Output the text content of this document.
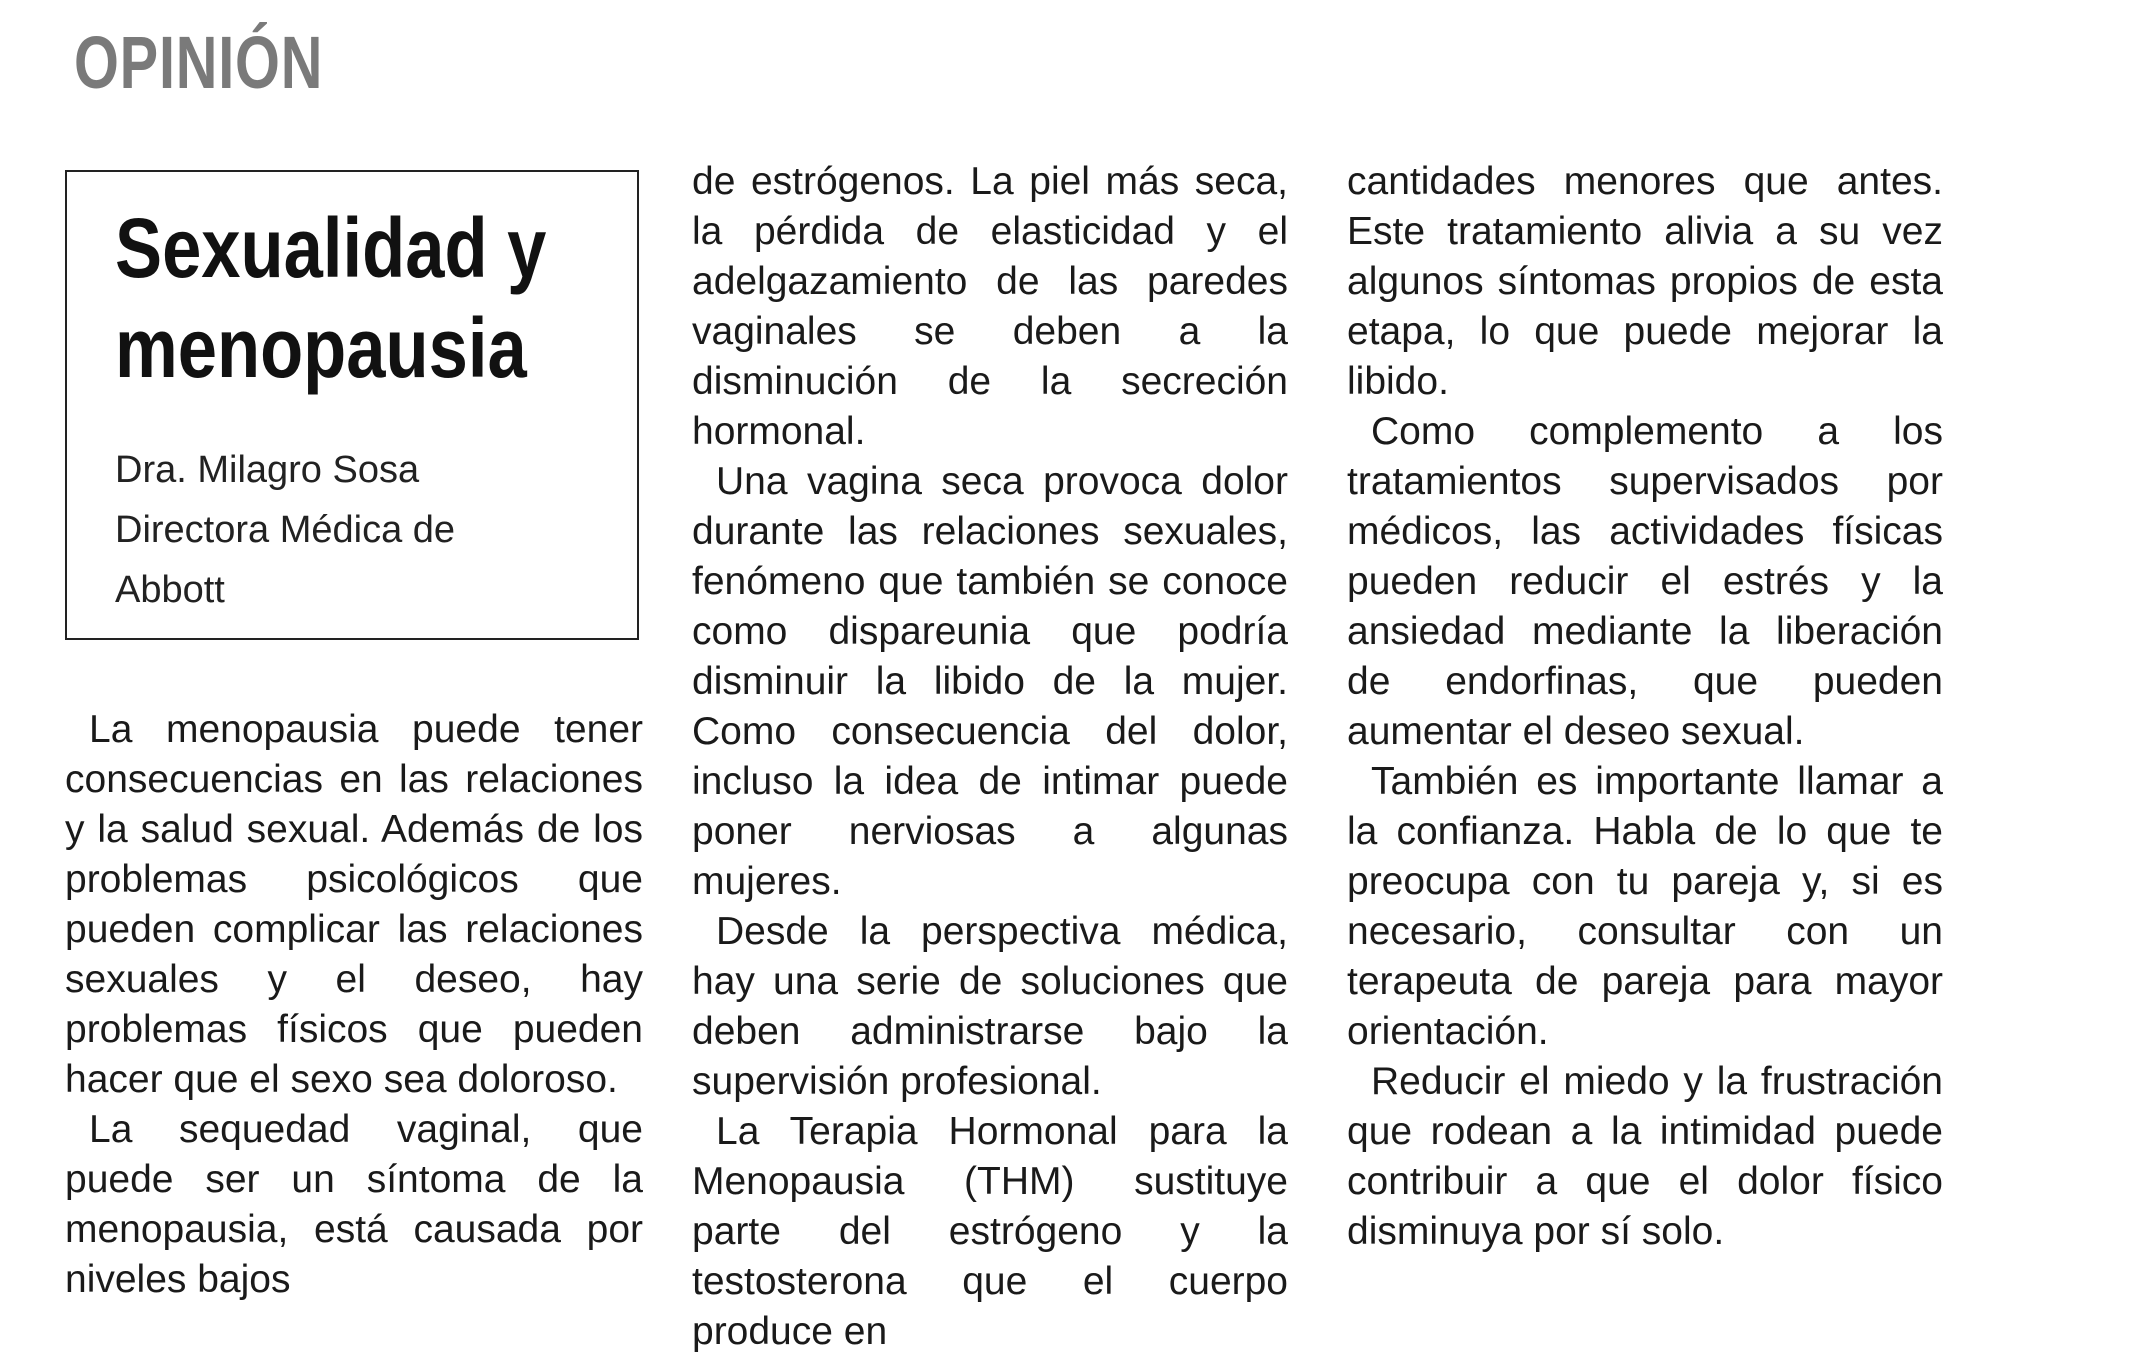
OPINIÓN
Sexualidad y menopausia
Dra. Milagro Sosa
Directora Médica de
Abbott

La menopausia puede tener consecuencias en las relaciones y la salud sexual. Además de los problemas psicológicos que pueden complicar las relaciones sexuales y el deseo, hay problemas físicos que pueden hacer que el sexo sea doloroso.

La sequedad vaginal, que puede ser un síntoma de la menopausia, está causada por niveles bajos

de estrógenos. La piel más seca, la pérdida de elasticidad y el adelgazamiento de las paredes vaginales se deben a la disminución de la secreción hormonal.

Una vagina seca provoca dolor durante las relaciones sexuales, fenómeno que también se conoce como dispareunia que podría disminuir la libido de la mujer. Como consecuencia del dolor, incluso la idea de intimar puede poner nerviosas a algunas mujeres.

Desde la perspectiva médica, hay una serie de soluciones que deben administrarse bajo la supervisión profesional.

La Terapia Hormonal para la Menopausia (THM) sustituye parte del estrógeno y la testosterona que el cuerpo produce en

cantidades menores que antes. Este tratamiento alivia a su vez algunos síntomas propios de esta etapa, lo que puede mejorar la libido.

Como complemento a los tratamientos supervisados por médicos, las actividades físicas pueden reducir el estrés y la ansiedad mediante la liberación de endorfinas, que pueden aumentar el deseo sexual.

También es importante llamar a la confianza. Habla de lo que te preocupa con tu pareja y, si es necesario, consultar con un terapeuta de pareja para mayor orientación.

Reducir el miedo y la frustración que rodean a la intimidad puede contribuir a que el dolor físico disminuya por sí solo.
